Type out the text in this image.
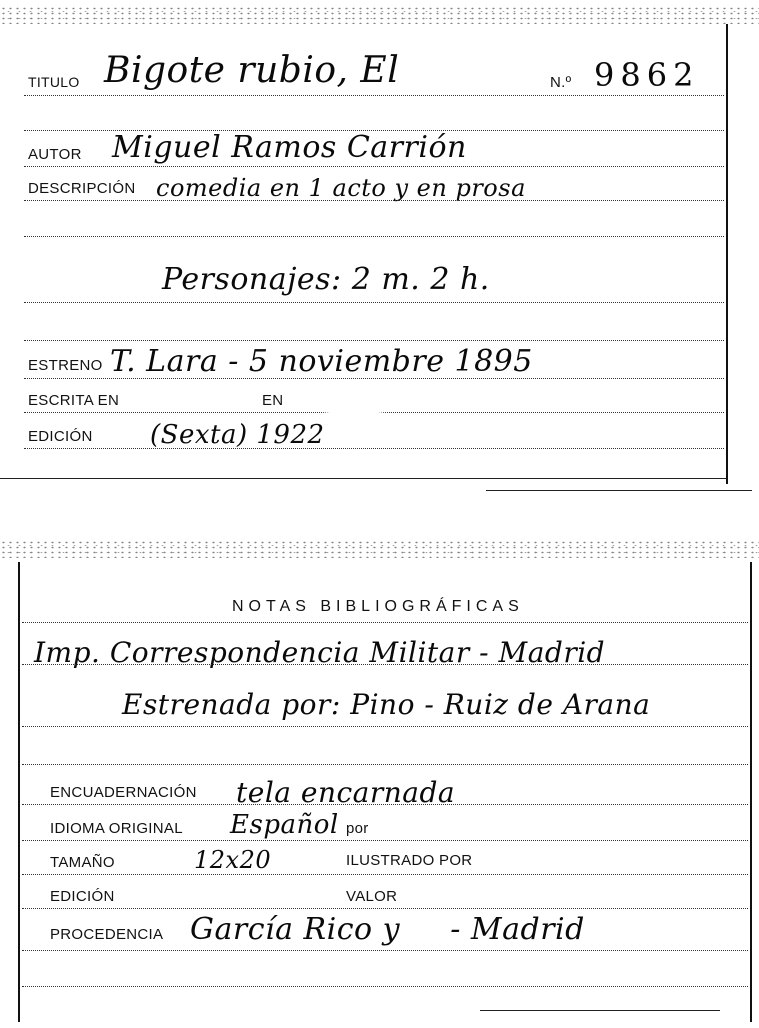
TITULO Bigote rubio, El	N.º 9862
AUTOR Miguel Ramos Carrión
DESCRIPCIÓN comedia en 1 acto y en prosa
Personajes: 2 m. 2 h.
ESTRENO T. Lara - 5 noviembre 1895
ESCRITA EN	EN
EDICIÓN (Sexta) 1922
NOTAS BIBLIOGRÁFICAS
Imp. Correspondencia Militar - Madrid
Estrenada por: Pino - Ruiz de Arana
ENCUADERNACIÓN tela encarnada
IDIOMA ORIGINAL Español por
TAMAÑO	12x20	ILUSTRADO POR
EDICIÓN	VALOR
PROCEDENCIA García Rico y     - Madrid
